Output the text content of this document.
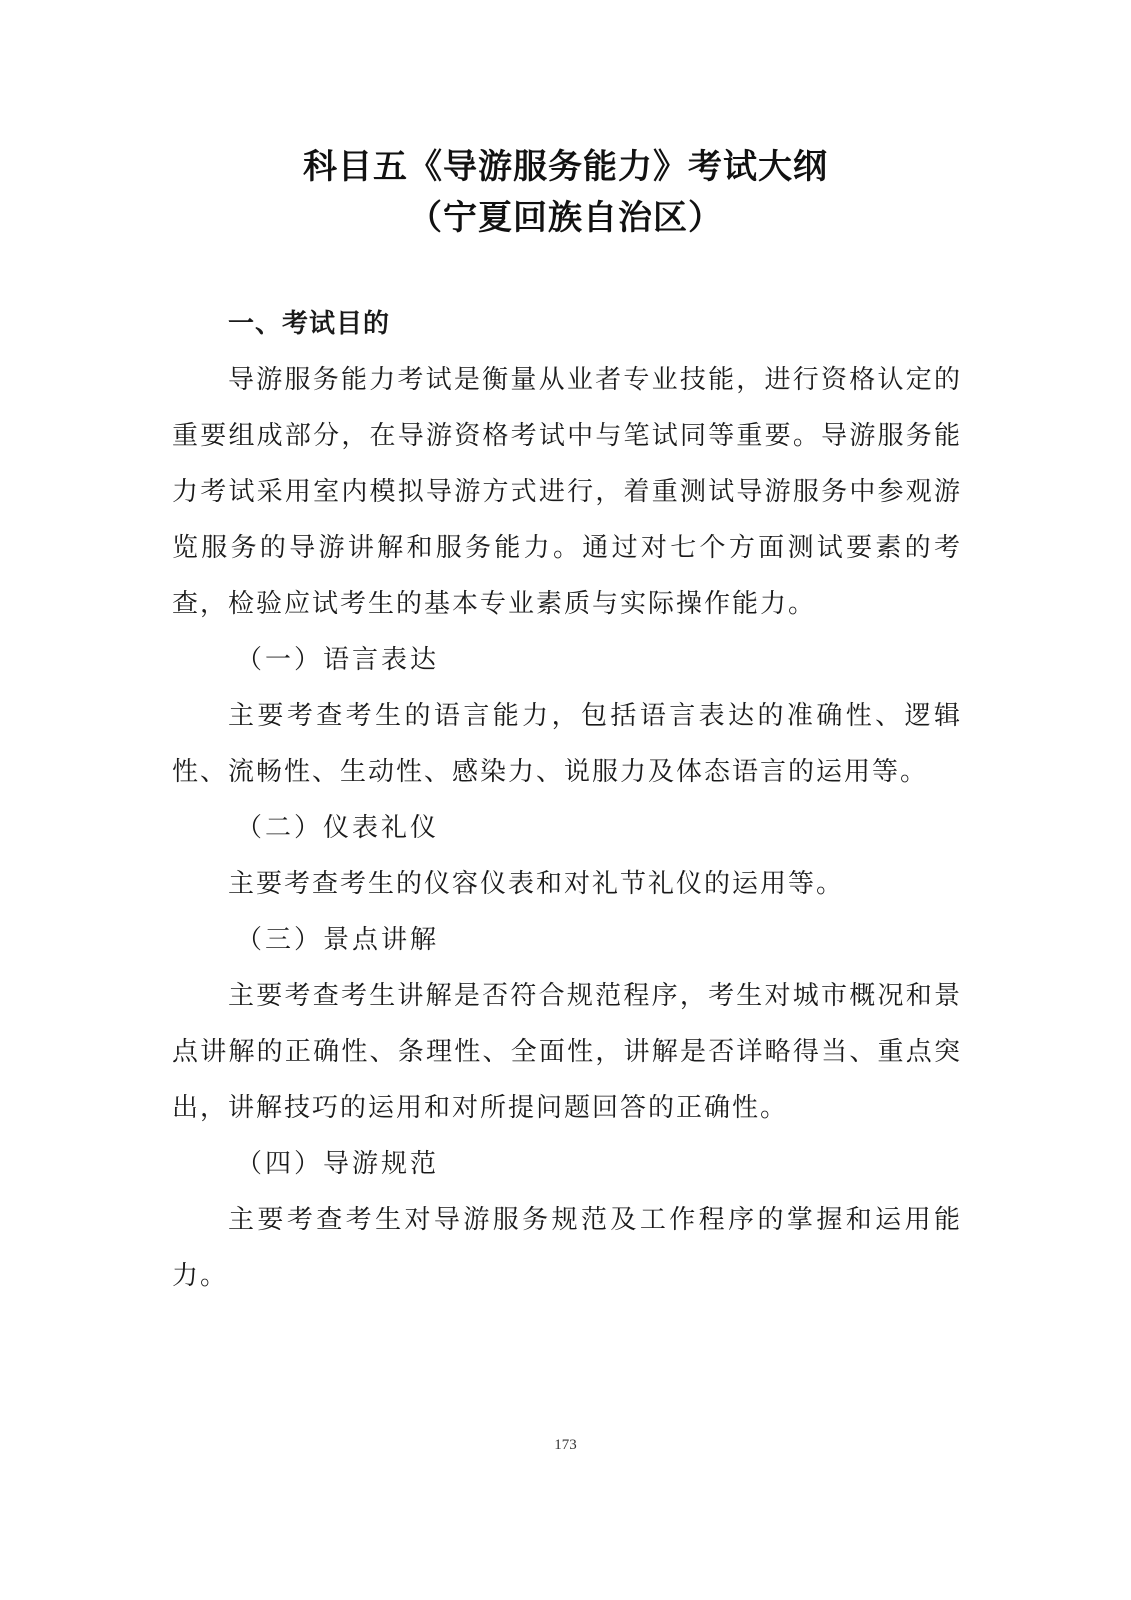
科目五《导游服务能力》考试大纲
（宁夏回族自治区）

一、考试目的

导游服务能力考试是衡量从业者专业技能，进行资格认定的重要组成部分，在导游资格考试中与笔试同等重要。导游服务能力考试采用室内模拟导游方式进行，着重测试导游服务中参观游览服务的导游讲解和服务能力。通过对七个方面测试要素的考查，检验应试考生的基本专业素质与实际操作能力。

（一）语言表达

主要考查考生的语言能力，包括语言表达的准确性、逻辑性、流畅性、生动性、感染力、说服力及体态语言的运用等。

（二）仪表礼仪

主要考查考生的仪容仪表和对礼节礼仪的运用等。

（三）景点讲解

主要考查考生讲解是否符合规范程序，考生对城市概况和景点讲解的正确性、条理性、全面性，讲解是否详略得当、重点突出，讲解技巧的运用和对所提问题回答的正确性。

（四）导游规范

主要考查考生对导游服务规范及工作程序的掌握和运用能力。

173
